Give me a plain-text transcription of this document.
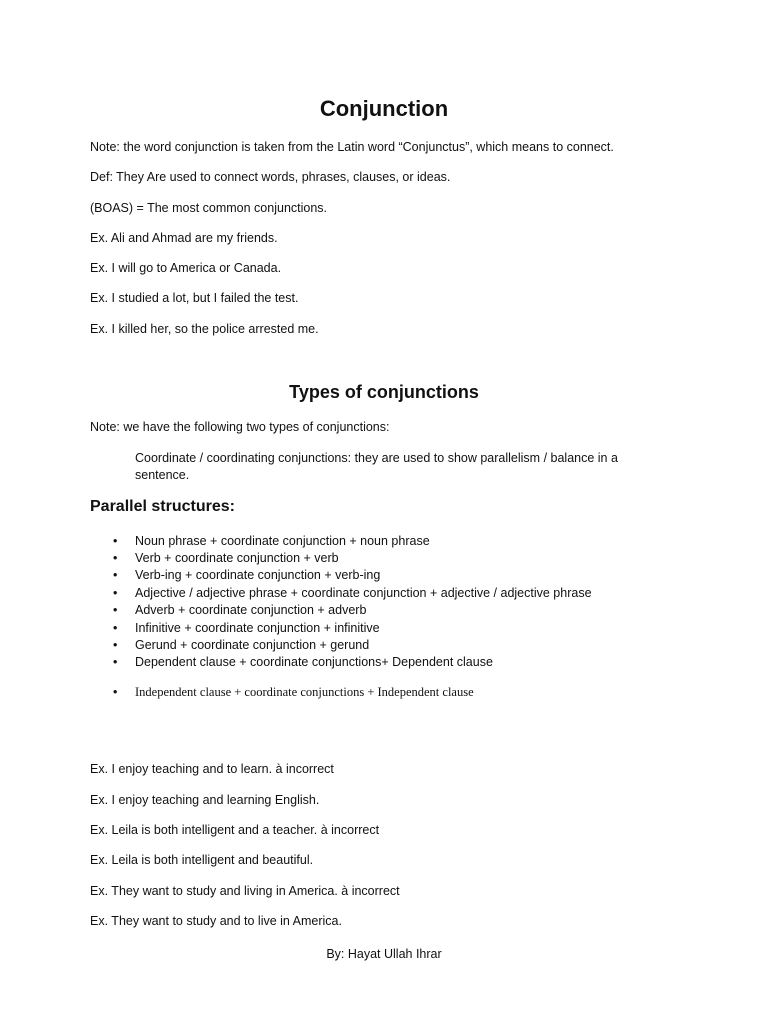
Conjunction
Note: the word conjunction is taken from the Latin word “Conjunctus”, which means to connect.
Def: They Are used to connect words, phrases, clauses, or ideas.
(BOAS) = The most common conjunctions.
Ex. Ali and Ahmad are my friends.
Ex. I will go to America or Canada.
Ex. I studied a lot, but I failed the test.
Ex. I killed her, so the police arrested me.
Types of conjunctions
Note: we have the following two types of conjunctions:
Coordinate / coordinating conjunctions: they are used to show parallelism / balance in a sentence.
Parallel structures:
• Noun phrase + coordinate conjunction + noun phrase
• Verb + coordinate conjunction + verb
• Verb-ing + coordinate conjunction + verb-ing
• Adjective / adjective phrase + coordinate conjunction + adjective / adjective phrase
• Adverb + coordinate conjunction + adverb
• Infinitive + coordinate conjunction + infinitive
• Gerund + coordinate conjunction + gerund
• Dependent clause + coordinate conjunctions+ Dependent clause
• Independent clause + coordinate conjunctions + Independent clause
Ex. I enjoy teaching and to learn. à incorrect
Ex. I enjoy teaching and learning English.
Ex. Leila is both intelligent and a teacher. à incorrect
Ex. Leila is both intelligent and beautiful.
Ex. They want to study and living in America. à incorrect
Ex. They want to study and to live in America.
By: Hayat Ullah Ihrar
